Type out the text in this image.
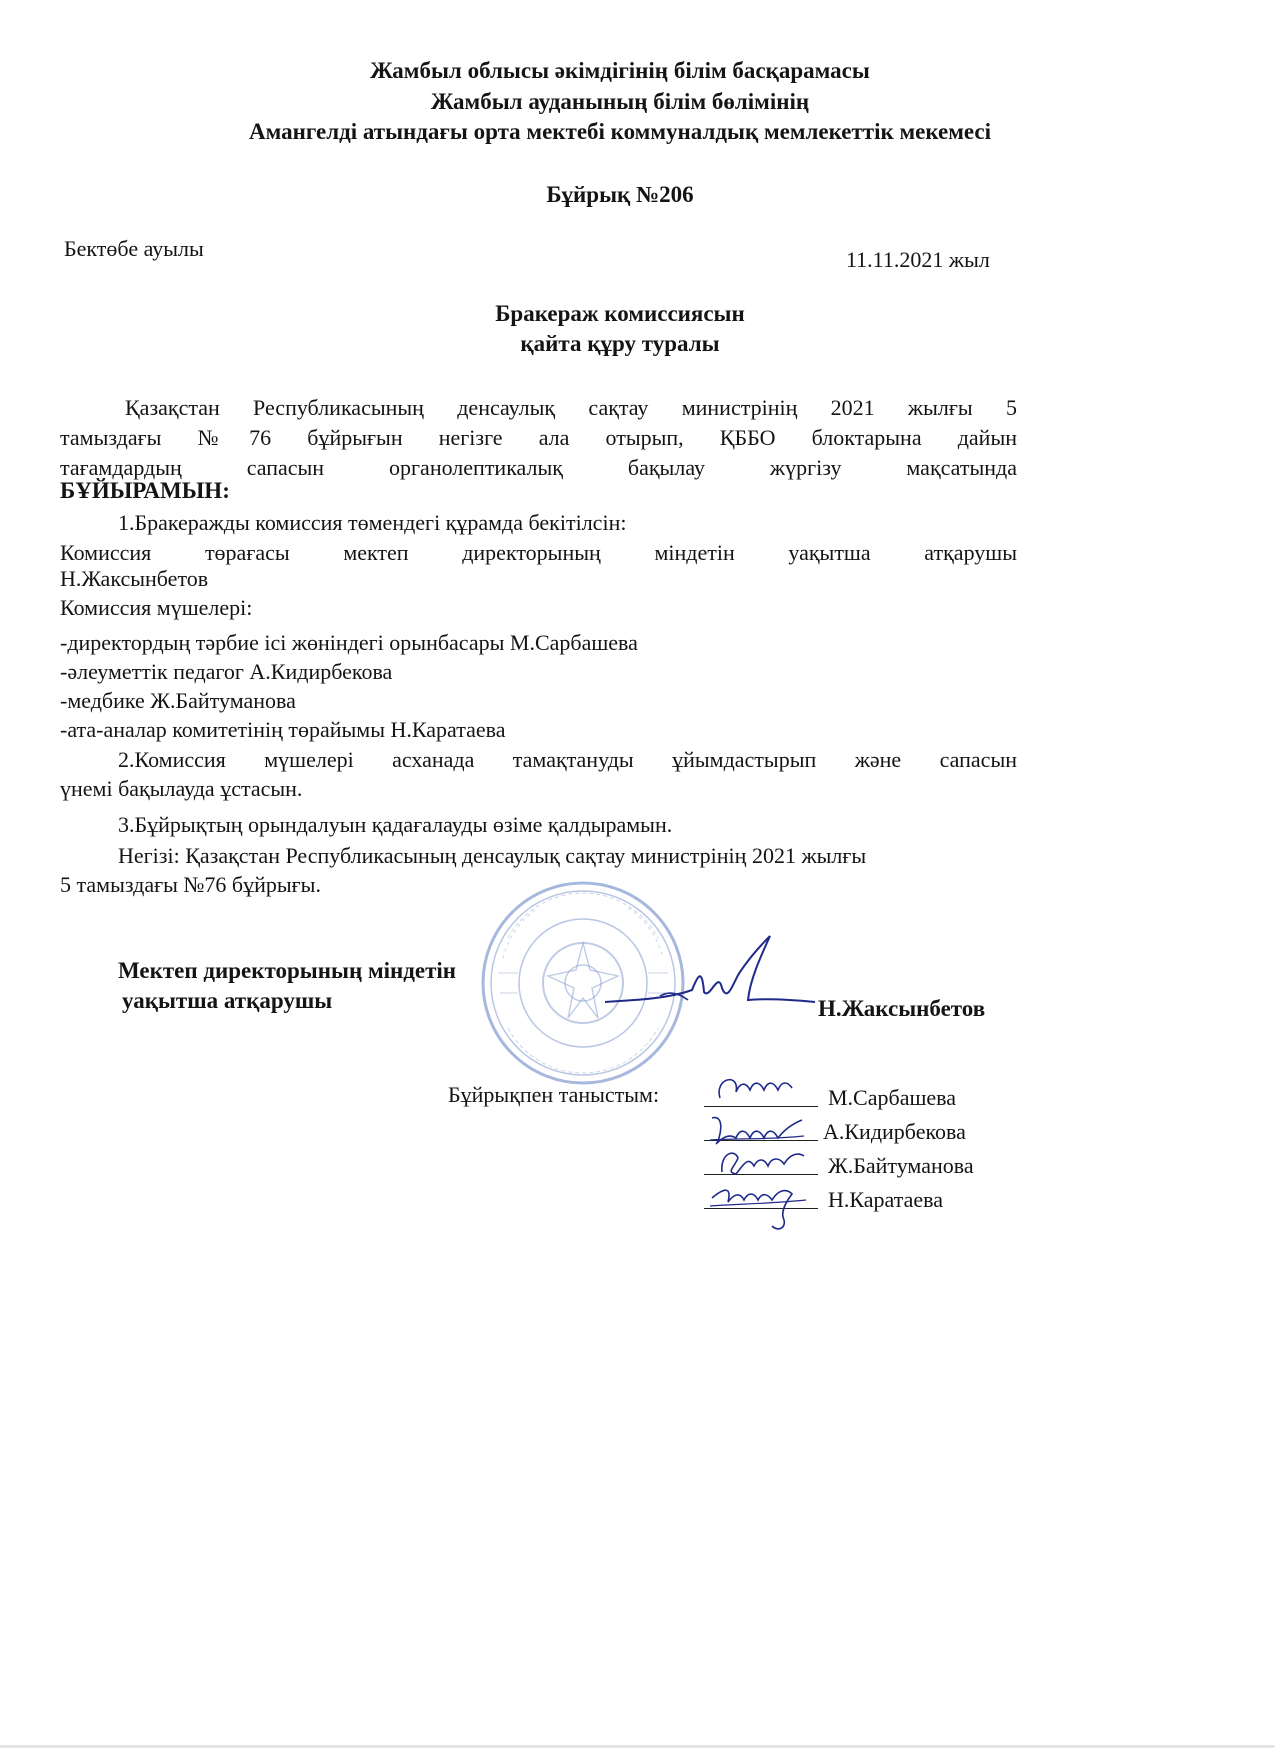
Жамбыл облысы әкімдігінің білім басқарамасы
Жамбыл ауданының білім бөлімінің
Амангелді атындағы орта мектебі коммуналдық мемлекеттік мекемесі
Бұйрық №206
Бектөбе ауылы	11.11.2021 жыл
Бракераж комиссиясын
қайта құру туралы
Қазақстан Республикасының денсаулық сақтау министрінің 2021 жылғы 5
тамыздағы №76 бұйрығын негізге ала отырып, ҚББО блоктарына дайын
тағамдардың сапасын органолептикалық бақылау жүргізу мақсатында
БҰЙЫРАМЫН:
1.Бракеражды комиссия төмендегі құрамда бекітілсін:
Комиссия төрағасы мектеп директорының міндетін уақытша атқарушы
Н.Жаксынбетов
Комиссия мүшелері:
-директордың тәрбие ісі жөніндегі орынбасары М.Сарбашева
-әлеуметтік педагог А.Кидирбекова
-медбике Ж.Байтуманова
-ата-аналар комитетінің төрайымы Н.Каратаева
2.Комиссия мүшелері асханада тамақтануды ұйымдастырып және сапасын
үнемі бақылауда ұстасын.
3.Бұйрықтың орындалуын қадағалауды өзіме қалдырамын.
Негізі: Қазақстан Республикасының денсаулық сақтау министрінің 2021 жылғы
5 тамыздағы №76 бұйрығы.
Мектеп директорының міндетін
уақытша атқарушы	Н.Жаксынбетов
Бұйрықпен таныстым:	М.Сарбашева
А.Кидирбекова
Ж.Байтуманова
Н.Каратаева
